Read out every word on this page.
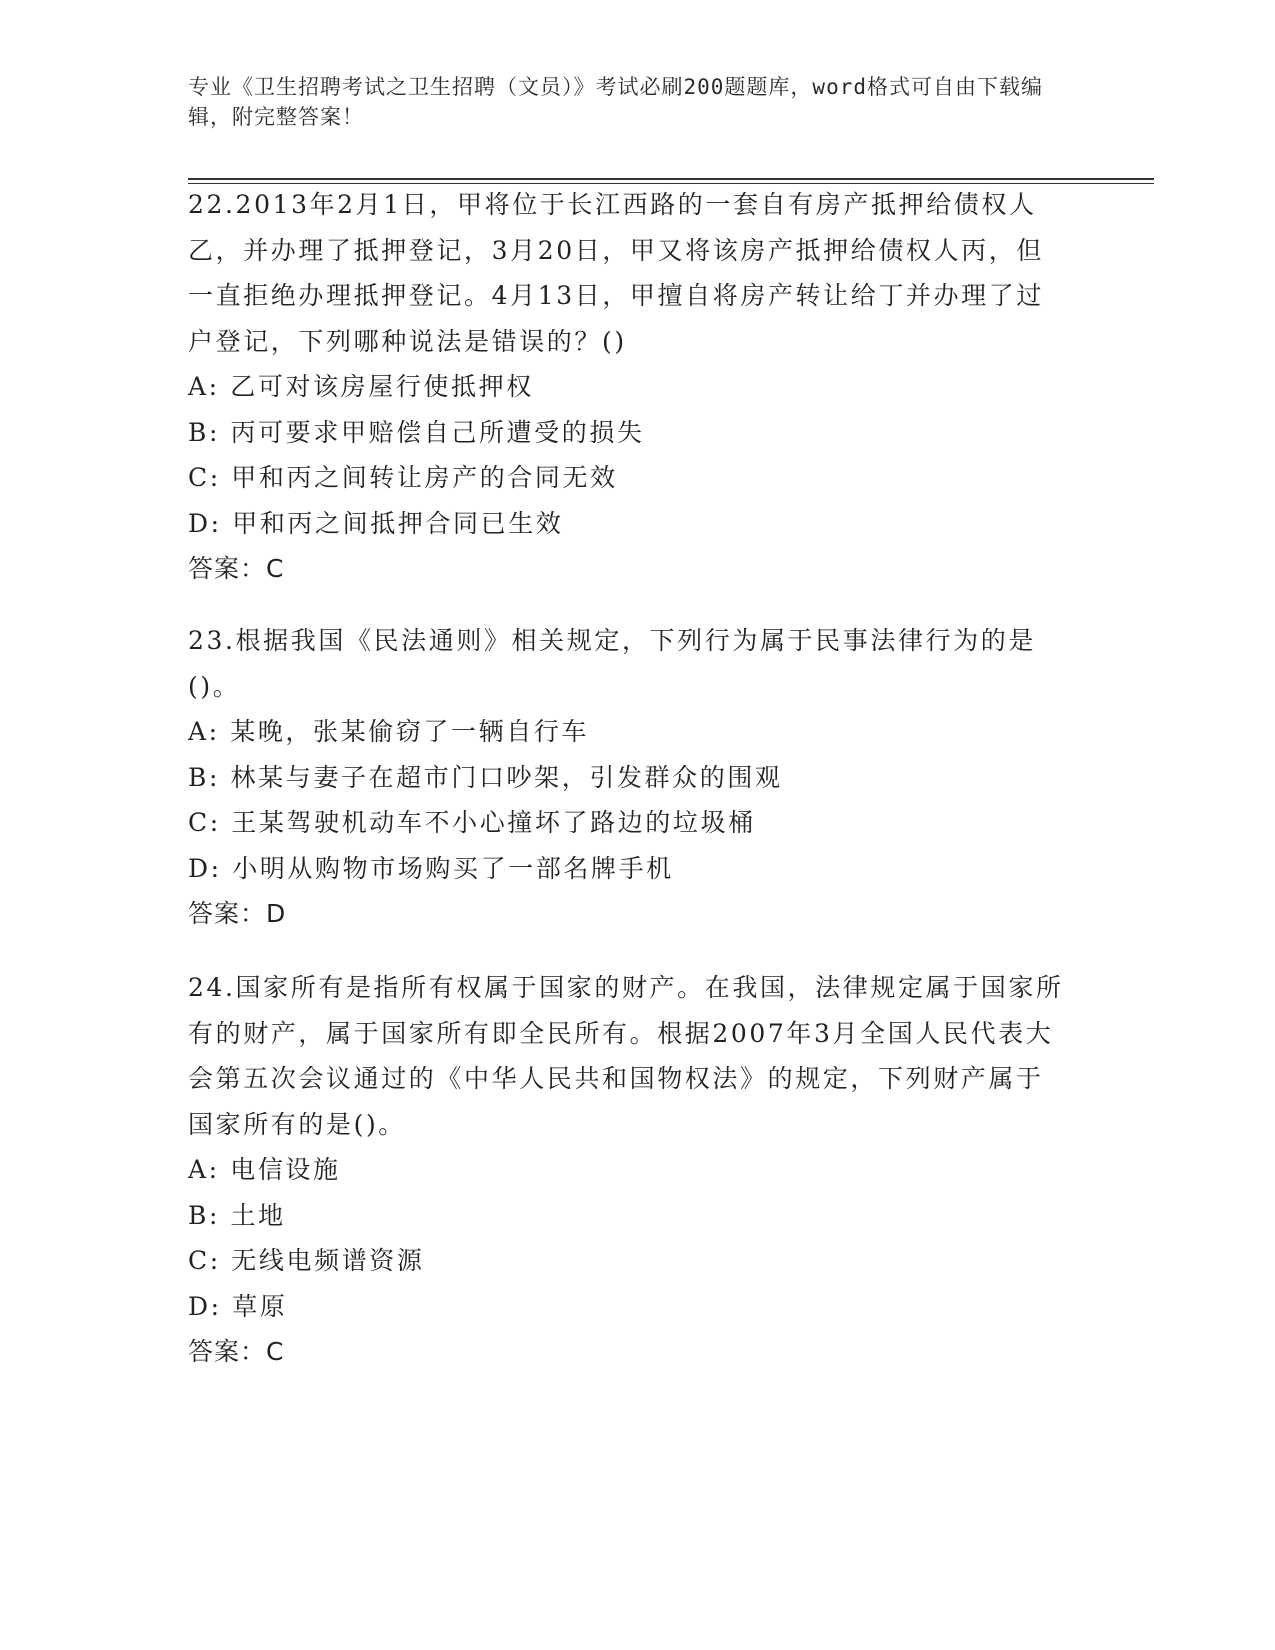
专业《卫生招聘考试之卫生招聘（文员）》考试必刷200题题库，word格式可自由下载编辑，附完整答案！

22.2013年2月1日，甲将位于长江西路的一套自有房产抵押给债权人乙，并办理了抵押登记，3月20日，甲又将该房产抵押给债权人丙，但一直拒绝办理抵押登记。4月13日，甲擅自将房产转让给丁并办理了过户登记，下列哪种说法是错误的？()

A: 乙可对该房屋行使抵押权

B: 丙可要求甲赔偿自己所遭受的损失

C: 甲和丙之间转让房产的合同无效

D: 甲和丙之间抵押合同已生效

答案：C

23.根据我国《民法通则》相关规定，下列行为属于民事法律行为的是()。

A: 某晚，张某偷窃了一辆自行车

B: 林某与妻子在超市门口吵架，引发群众的围观

C: 王某驾驶机动车不小心撞坏了路边的垃圾桶

D: 小明从购物市场购买了一部名牌手机

答案：D

24.国家所有是指所有权属于国家的财产。在我国，法律规定属于国家所有的财产，属于国家所有即全民所有。根据2007年3月全国人民代表大会第五次会议通过的《中华人民共和国物权法》的规定，下列财产属于国家所有的是()。

A: 电信设施

B: 土地

C: 无线电频谱资源

D: 草原

答案：C
